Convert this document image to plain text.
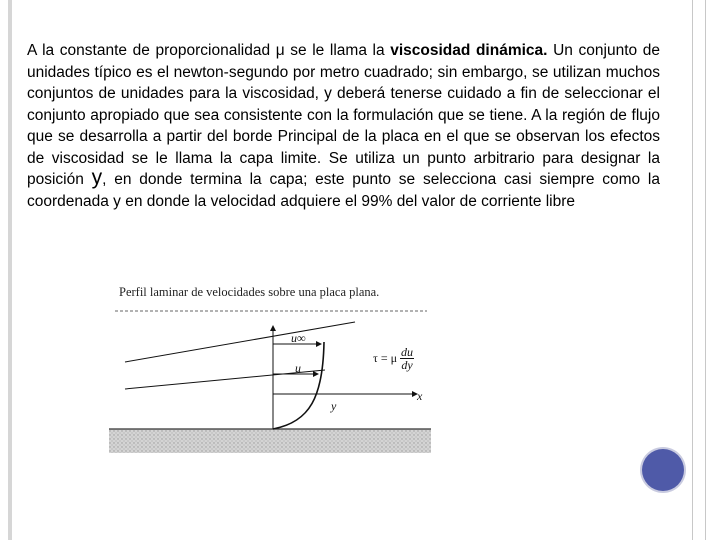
A la constante de proporcionalidad μ se le llama la viscosidad dinámica. Un conjunto de unidades típico es el newton-segundo por metro cuadrado; sin embargo, se utilizan muchos conjuntos de unidades para la viscosidad, y deberá tenerse cuidado a fin de seleccionar el conjunto apropiado que sea consistente con la formulación que se tiene. A la región de flujo que se desarrolla a partir del borde Principal de la placa en el que se observan los efectos de viscosidad se le llama la capa limite. Se utiliza un punto arbitrario para designar la posición y, en donde termina la capa; este punto se selecciona casi siempre como la coordenada y en donde la velocidad adquiere el 99% del valor de corriente libre

Perfil laminar de velocidades sobre una placa plana.
u∞
u
y
x
τ = μ $\frac{du}{dy}$
